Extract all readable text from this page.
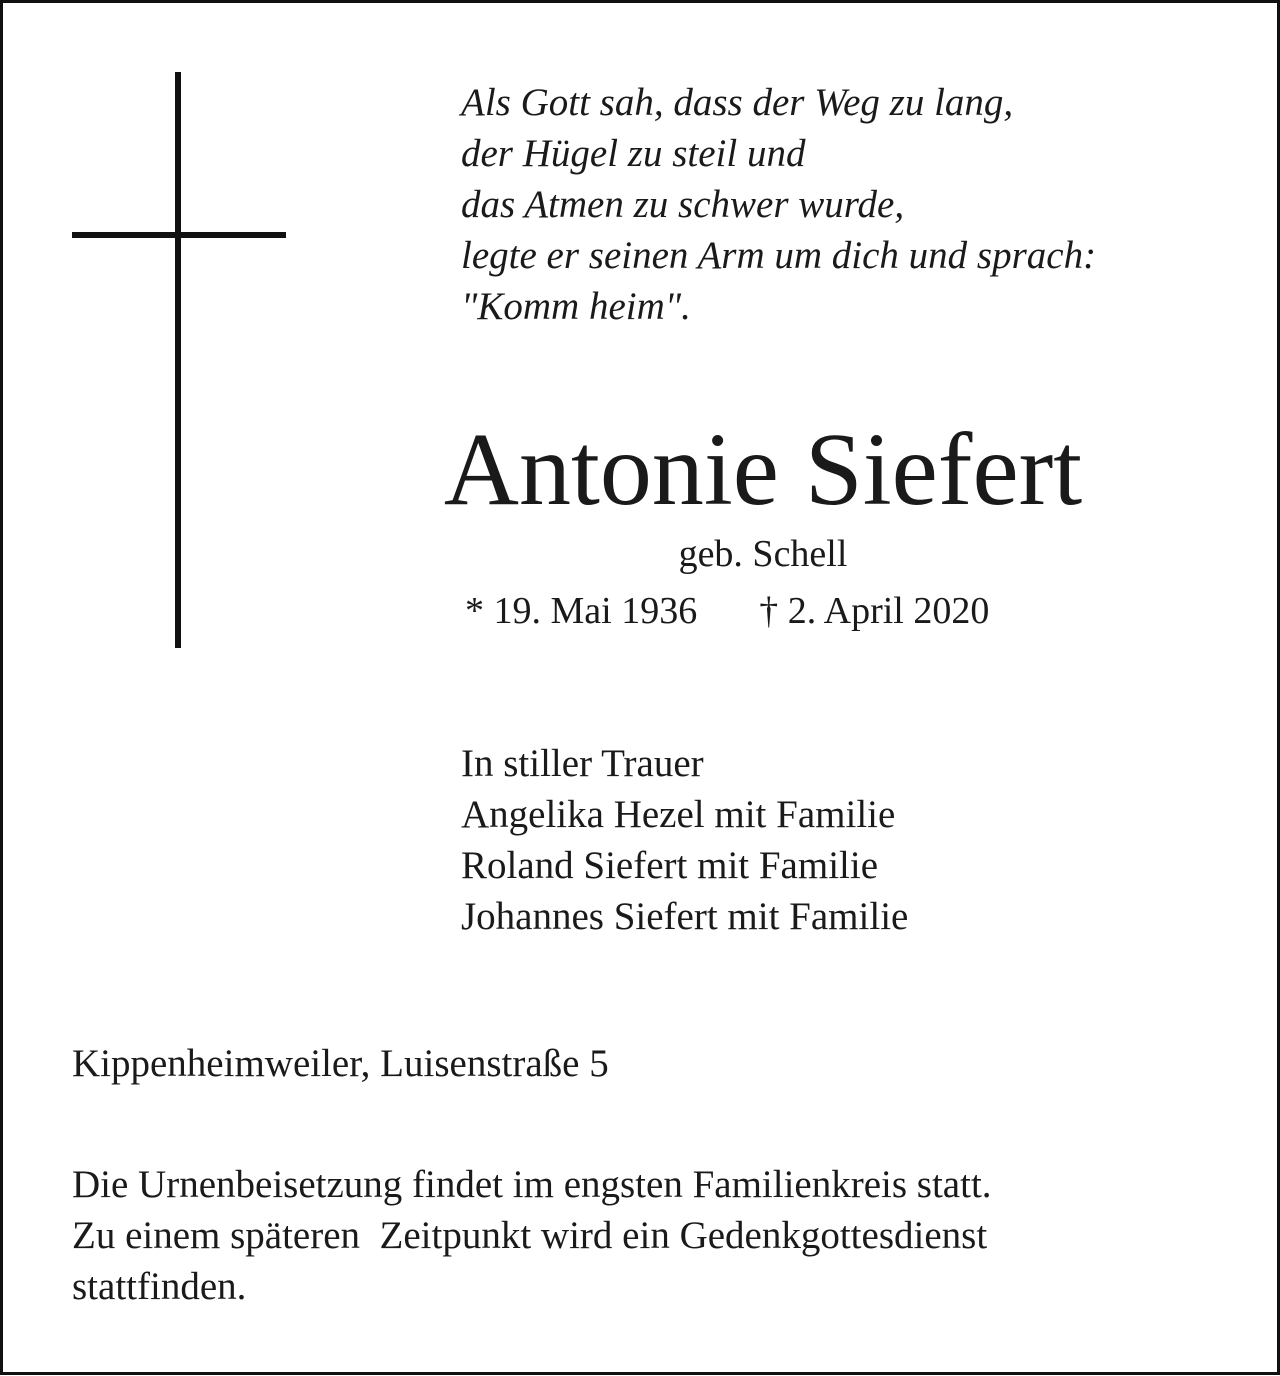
Als Gott sah, dass der Weg zu lang,
der Hügel zu steil und
das Atmen zu schwer wurde,
legte er seinen Arm um dich und sprach:
"Komm heim".
Antonie Siefert
geb. Schell
* 19. Mai 1936 † 2. April 2020
In stiller Trauer
Angelika Hezel mit Familie
Roland Siefert mit Familie
Johannes Siefert mit Familie
Kippenheimweiler, Luisenstraße 5
Die Urnenbeisetzung findet im engsten Familienkreis statt.
Zu einem späteren  Zeitpunkt wird ein Gedenkgottesdienst
stattfinden.
